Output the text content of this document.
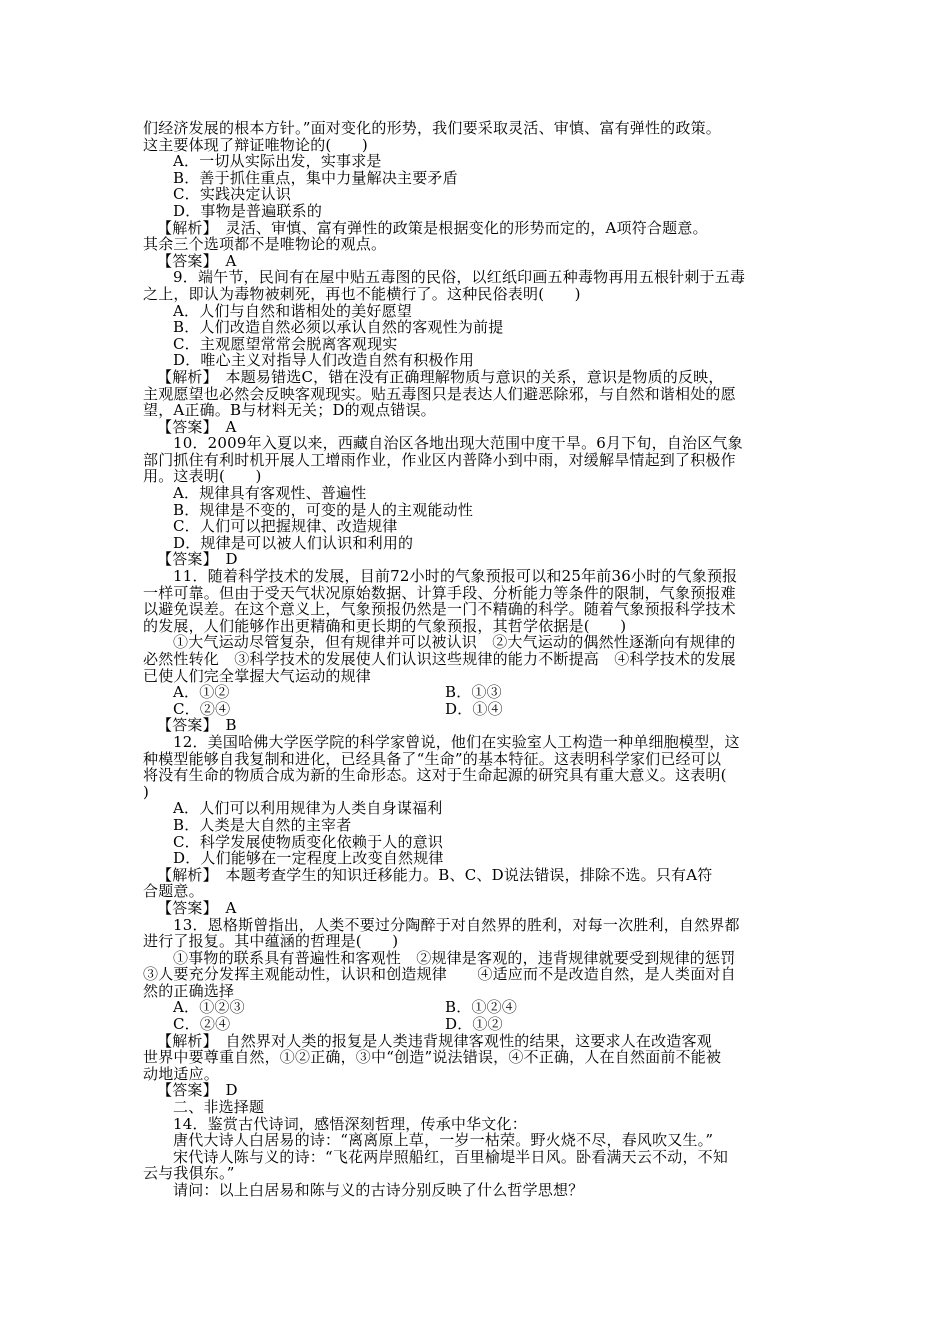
们经济发展的根本方针。”面对变化的形势，我们要采取灵活、审慎、富有弹性的政策。
这主要体现了辩证唯物论的(　　)
A．一切从实际出发，实事求是
B．善于抓住重点，集中力量解决主要矛盾
C．实践决定认识
D．事物是普遍联系的
【解析】　灵活、审慎、富有弹性的政策是根据变化的形势而定的，A项符合题意。
其余三个选项都不是唯物论的观点。
【答案】　A
9．端午节，民间有在屋中贴五毒图的民俗，以红纸印画五种毒物再用五根针刺于五毒
之上，即认为毒物被刺死，再也不能横行了。这种民俗表明(　　)
A．人们与自然和谐相处的美好愿望
B．人们改造自然必须以承认自然的客观性为前提
C．主观愿望常常会脱离客观现实
D．唯心主义对指导人们改造自然有积极作用
【解析】　本题易错选C，错在没有正确理解物质与意识的关系，意识是物质的反映，
主观愿望也必然会反映客观现实。贴五毒图只是表达人们避恶除邪，与自然和谐相处的愿
望，A正确。B与材料无关；D的观点错误。
【答案】　A
10．2009年入夏以来，西藏自治区各地出现大范围中度干旱。6月下旬，自治区气象
部门抓住有利时机开展人工增雨作业，作业区内普降小到中雨，对缓解旱情起到了积极作
用。这表明(　　)
A．规律具有客观性、普遍性
B．规律是不变的，可变的是人的主观能动性
C．人们可以把握规律、改造规律
D．规律是可以被人们认识和利用的
【答案】　D
11．随着科学技术的发展，目前72小时的气象预报可以和25年前36小时的气象预报
一样可靠。但由于受天气状况原始数据、计算手段、分析能力等条件的限制，气象预报难
以避免误差。在这个意义上，气象预报仍然是一门不精确的科学。随着气象预报科学技术
的发展，人们能够作出更精确和更长期的气象预报，其哲学依据是(　　)
①大气运动尽管复杂，但有规律并可以被认识　②大气运动的偶然性逐渐向有规律的
必然性转化　③科学技术的发展使人们认识这些规律的能力不断提高　④科学技术的发展
已使人们完全掌握大气运动的规律
A．①②	B．①③
C．②④	D．①④
【答案】　B
12．美国哈佛大学医学院的科学家曾说，他们在实验室人工构造一种单细胞模型，这
种模型能够自我复制和进化，已经具备了“生命”的基本特征。这表明科学家们已经可以
将没有生命的物质合成为新的生命形态。这对于生命起源的研究具有重大意义。这表明(
)
A．人们可以利用规律为人类自身谋福利
B．人类是大自然的主宰者
C．科学发展使物质变化依赖于人的意识
D．人们能够在一定程度上改变自然规律
【解析】　本题考查学生的知识迁移能力。B、C、D说法错误，排除不选。只有A符
合题意。
【答案】　A
13．恩格斯曾指出，人类不要过分陶醉于对自然界的胜利，对每一次胜利，自然界都
进行了报复。其中蕴涵的哲理是(　　)
①事物的联系具有普遍性和客观性　②规律是客观的，违背规律就要受到规律的惩罚
③人要充分发挥主观能动性，认识和创造规律　　④适应而不是改造自然，是人类面对自
然的正确选择
A．①②③	B．①②④
C．②④	D．①②
【解析】　自然界对人类的报复是人类违背规律客观性的结果，这要求人在改造客观
世界中要尊重自然，①②正确，③中“创造”说法错误，④不正确，人在自然面前不能被
动地适应。
【答案】　D
二、非选择题
14．鉴赏古代诗词，感悟深刻哲理，传承中华文化：
唐代大诗人白居易的诗：“离离原上草，一岁一枯荣。野火烧不尽，春风吹又生。”
宋代诗人陈与义的诗：“飞花两岸照船红，百里榆堤半日风。卧看满天云不动，不知
云与我俱东。”
请问：以上白居易和陈与义的古诗分别反映了什么哲学思想？
